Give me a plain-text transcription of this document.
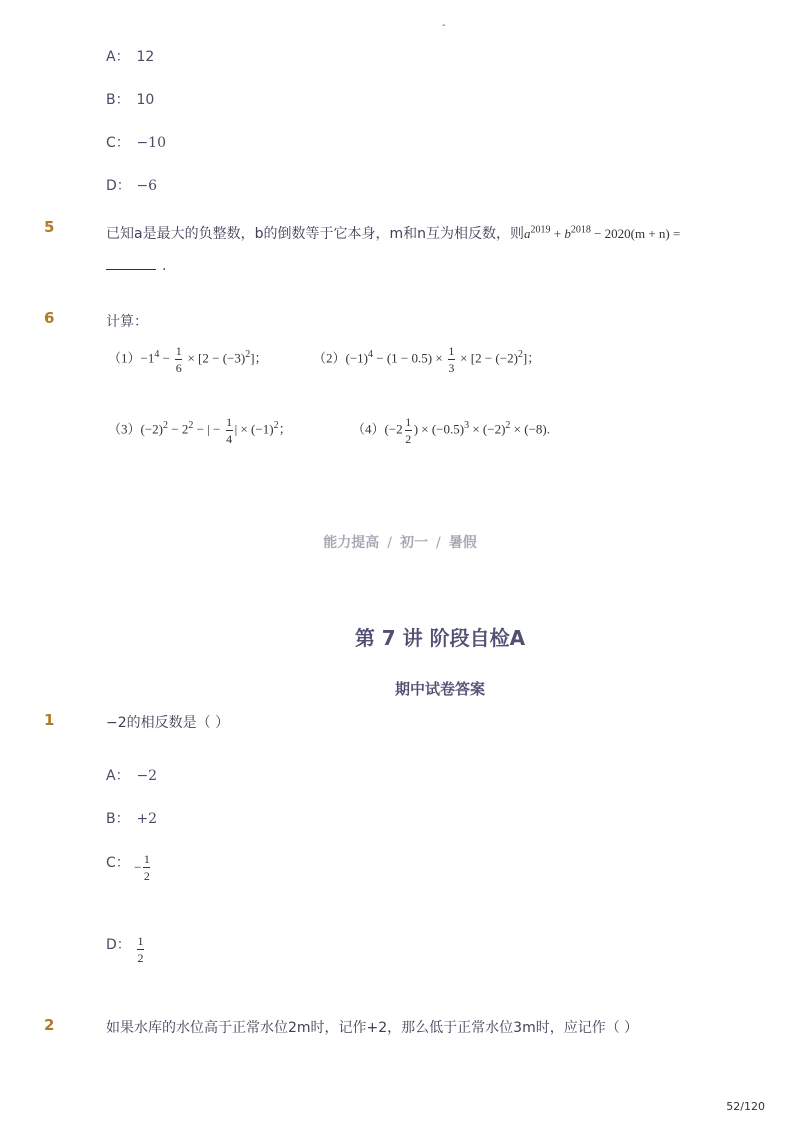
-
A： 12
B： 10
C： −10
D： −6
5	已知a是最大的负整数，b的倒数等于它本身，m和n互为相反数，则$a^{2019} + b^{2018} - 2020(m + n)$ =
.
6	计算：
$(1)-1^4 - \frac{1}{6} \times [2 - (-3)^2]$；	$(2)(-1)^4 - (1 - 0.5) \times \frac{1}{3} \times [2 - (-2)^2]$；
$(3)(-2)^2 - 2^2$ − | − $\frac{1}{4}$ | × $(-1)^2$；	$(4)(-2 \frac{1}{2}$ ) × $(-0.5)^3 \times (-2)^2 \times (-8)$.
能力提高 / 初一 / 暑假
第 7 讲 阶段自检A
期中试卷答案
1	−2的相反数是（ ）
A： −2
B： +2
C： − $\frac{1}{2}$
D： $\frac{1}{2}$
2	如果水库的水位高于正常水位2m时，记作+2，那么低于正常水位3m时，应记作（ ）
52/120
